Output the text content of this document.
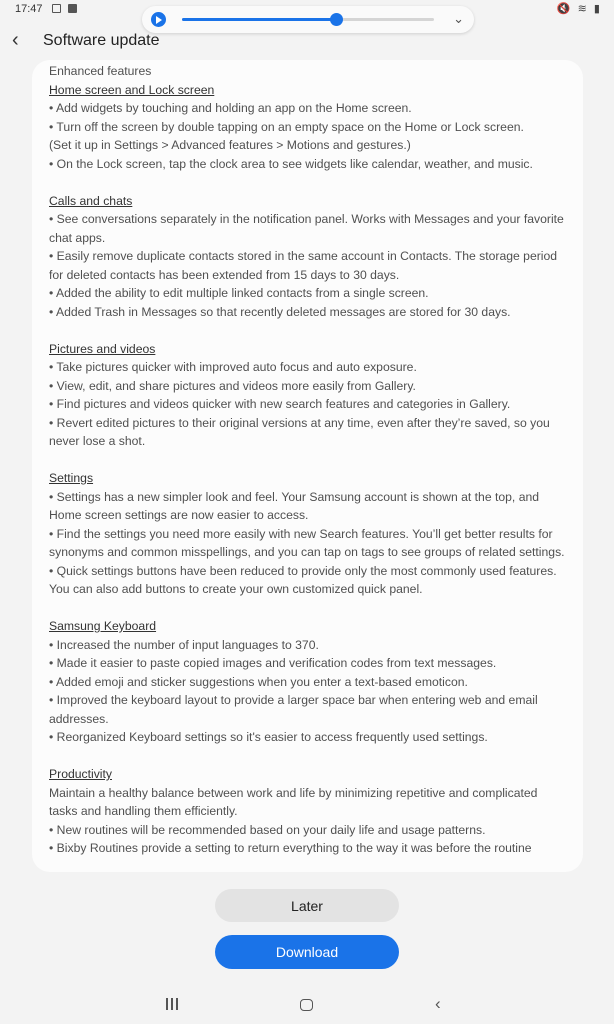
17:47	🔇 ≋ ▮
⌄
‹ Software update

Enhanced features

Home screen and Lock screen

• Add widgets by touching and holding an app on the Home screen.

• Turn off the screen by double tapping on an empty space on the Home or Lock screen.

(Set it up in Settings > Advanced features > Motions and gestures.)

• On the Lock screen, tap the clock area to see widgets like calendar, weather, and music.

Calls and chats

• See conversations separately in the notification panel. Works with Messages and your favorite chat apps.

• Easily remove duplicate contacts stored in the same account in Contacts. The storage period for deleted contacts has been extended from 15 days to 30 days.

• Added the ability to edit multiple linked contacts from a single screen.

• Added Trash in Messages so that recently deleted messages are stored for 30 days.

Pictures and videos

• Take pictures quicker with improved auto focus and auto exposure.

• View, edit, and share pictures and videos more easily from Gallery.

• Find pictures and videos quicker with new search features and categories in Gallery.

• Revert edited pictures to their original versions at any time, even after they’re saved, so you never lose a shot.

Settings

• Settings has a new simpler look and feel. Your Samsung account is shown at the top, and Home screen settings are now easier to access.

• Find the settings you need more easily with new Search features. You’ll get better results for synonyms and common misspellings, and you can tap on tags to see groups of related settings.

• Quick settings buttons have been reduced to provide only the most commonly used features. You can also add buttons to create your own customized quick panel.

Samsung Keyboard

• Increased the number of input languages to 370.

• Made it easier to paste copied images and verification codes from text messages.

• Added emoji and sticker suggestions when you enter a text-based emoticon.

• Improved the keyboard layout to provide a larger space bar when entering web and email addresses.

• Reorganized Keyboard settings so it's easier to access frequently used settings.

Productivity

Maintain a healthy balance between work and life by minimizing repetitive and complicated tasks and handling them efficiently.

• New routines will be recommended based on your daily life and usage patterns.

• Bixby Routines provide a setting to return everything to the way it was before the routine

Later
Download
‹
